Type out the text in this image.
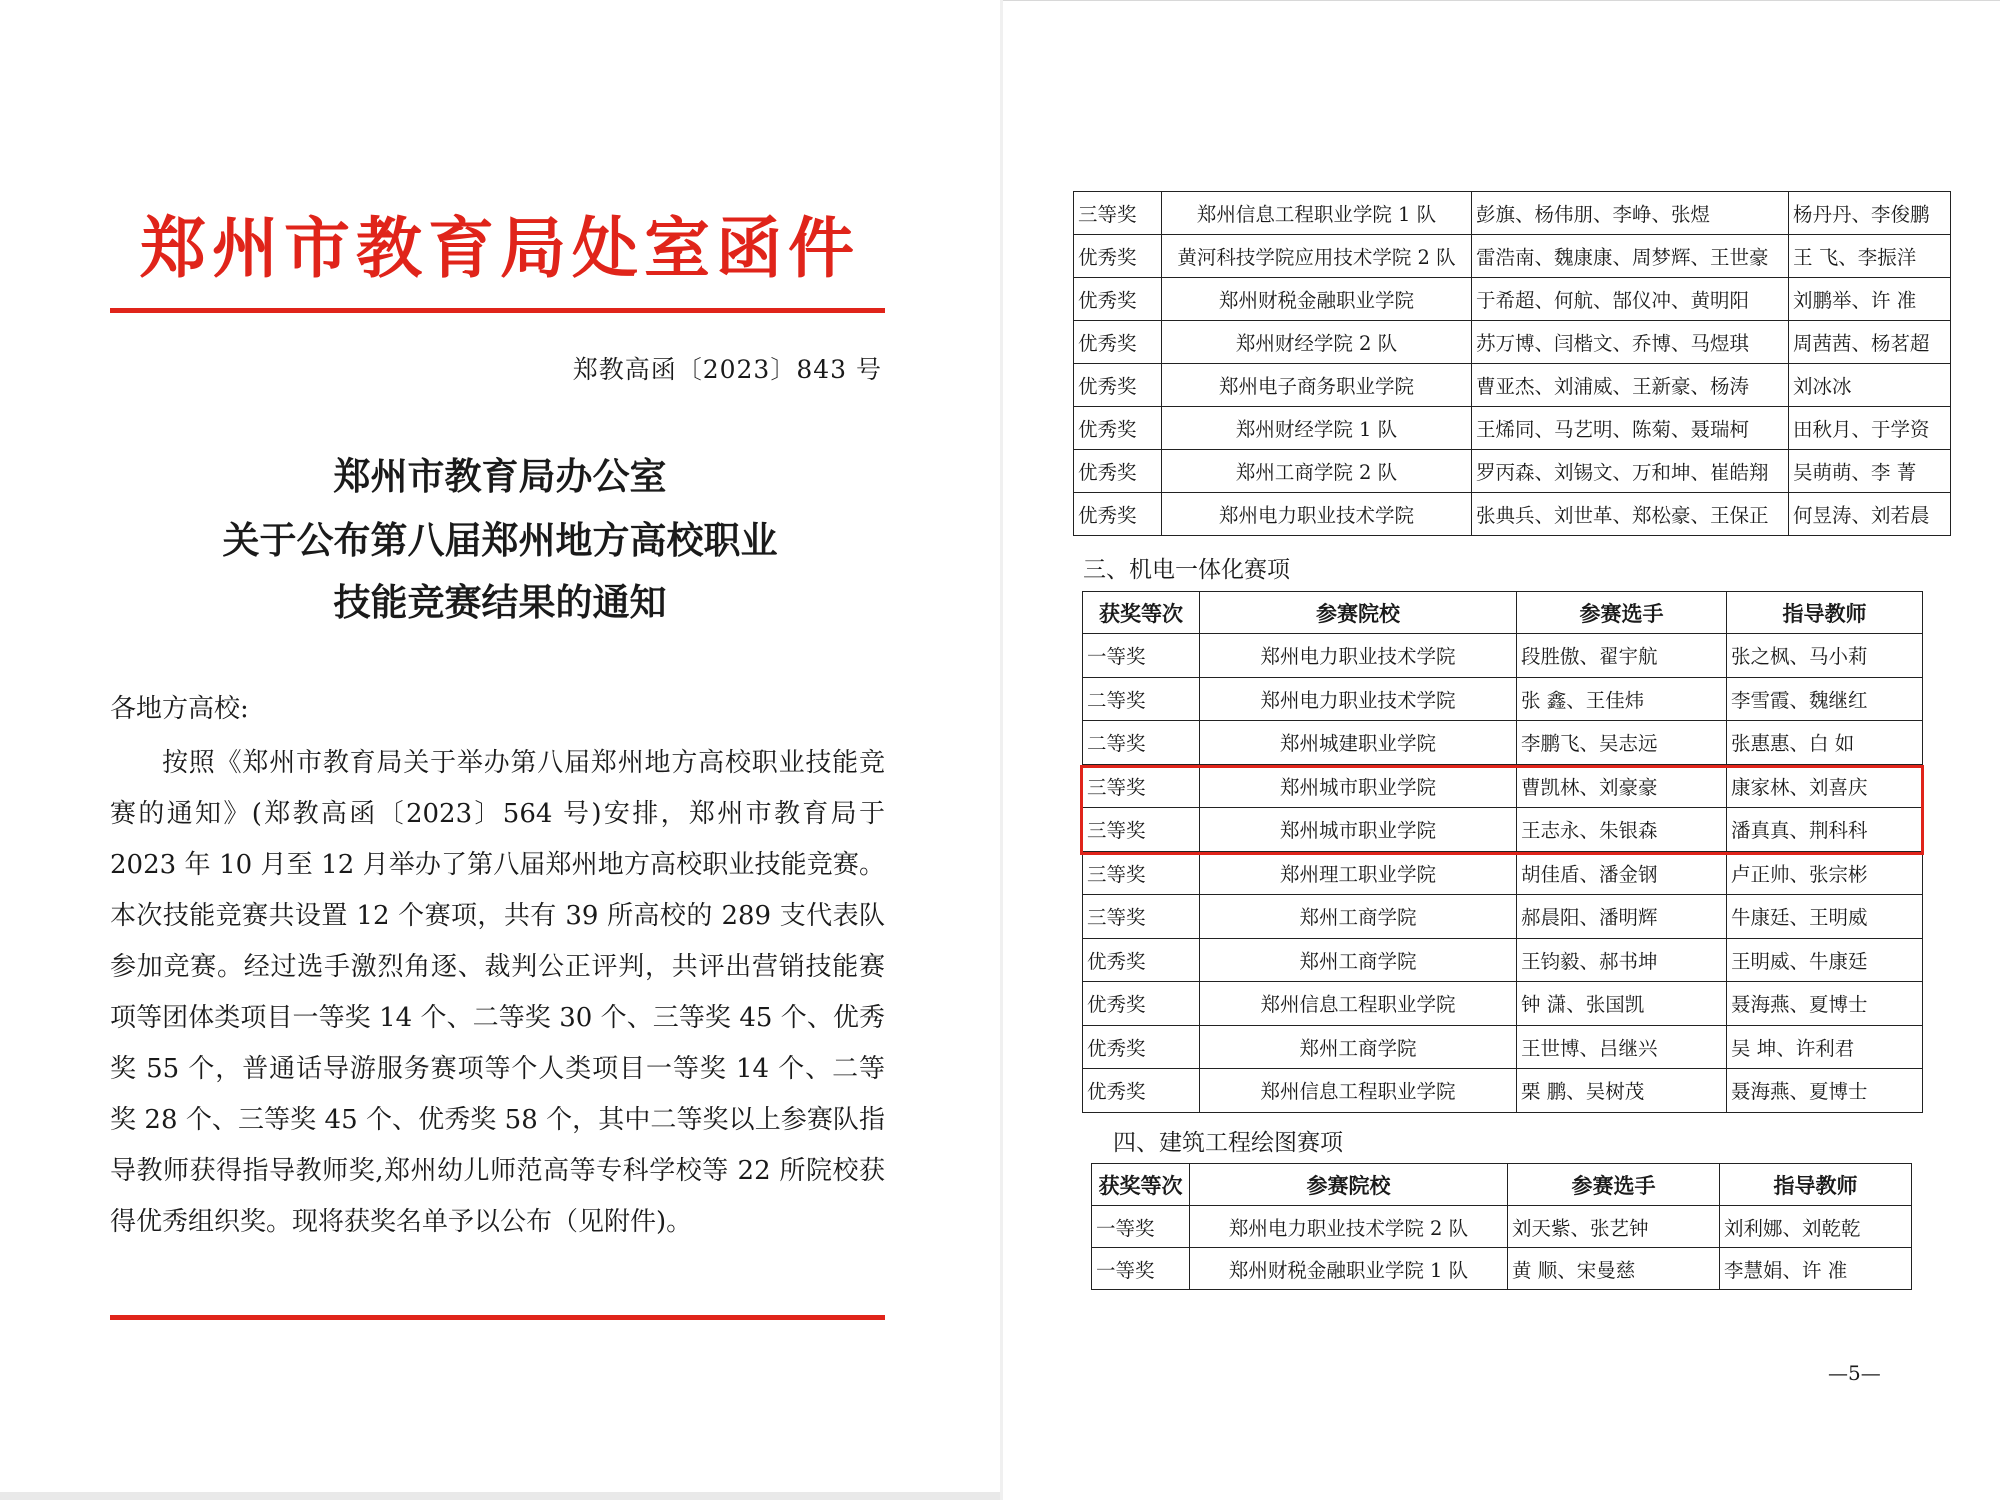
郑州市教育局处室函件
郑教高函〔2023〕843 号
郑州市教育局办公室
关于公布第八届郑州地方高校职业
技能竞赛结果的通知
各地方高校:
按照《郑州市教育局关于举办第八届郑州地方高校职业技能竞赛的通知》(郑教高函〔2023〕564 号)安排，郑州市教育局于 2023 年 10 月至 12 月举办了第八届郑州地方高校职业技能竞赛。本次技能竞赛共设置 12 个赛项，共有 39 所高校的 289 支代表队参加竞赛。经过选手激烈角逐、裁判公正评判，共评出营销技能赛项等团体类项目一等奖 14 个、二等奖 30 个、三等奖 45 个、优秀奖 55 个，普通话导游服务赛项等个人类项目一等奖 14 个、二等奖 28 个、三等奖 45 个、优秀奖 58 个，其中二等奖以上参赛队指导教师获得指导教师奖,郑州幼儿师范高等专科学校等 22 所院校获得优秀组织奖。现将获奖名单予以公布（见附件)。
三等奖	郑州信息工程职业学院 1 队	彭旗、杨伟朋、李峥、张煜	杨丹丹、李俊鹏
优秀奖	黄河科技学院应用技术学院 2 队	雷浩南、魏康康、周梦辉、王世豪	王 飞、李振洋
优秀奖	郑州财税金融职业学院	于希超、何航、郜仪冲、黄明阳	刘鹏举、许 准
优秀奖	郑州财经学院 2 队	苏万博、闫楷文、乔博、马煜琪	周茜茜、杨茗超
优秀奖	郑州电子商务职业学院	曹亚杰、刘浦威、王新豪、杨涛	刘冰冰
优秀奖	郑州财经学院 1 队	王烯同、马艺明、陈菊、聂瑞柯	田秋月、于学资
优秀奖	郑州工商学院 2 队	罗丙森、刘锡文、万和坤、崔皓翔	吴萌萌、李 菁
优秀奖	郑州电力职业技术学院	张典兵、刘世革、郑松豪、王保正	何昱涛、刘若晨
三、机电一体化赛项
获奖等次	参赛院校	参赛选手	指导教师
一等奖	郑州电力职业技术学院	段胜傲、翟宇航	张之枫、马小莉
二等奖	郑州电力职业技术学院	张 鑫、王佳炜	李雪霞、魏继红
二等奖	郑州城建职业学院	李鹏飞、吴志远	张惠惠、白 如
三等奖	郑州城市职业学院	曹凯林、刘豪豪	康家林、刘喜庆
三等奖	郑州城市职业学院	王志永、朱银森	潘真真、荆科科
三等奖	郑州理工职业学院	胡佳盾、潘金钢	卢正帅、张宗彬
三等奖	郑州工商学院	郝晨阳、潘明辉	牛康廷、王明威
优秀奖	郑州工商学院	王钧毅、郝书坤	王明威、牛康廷
优秀奖	郑州信息工程职业学院	钟 潇、张国凯	聂海燕、夏博士
优秀奖	郑州工商学院	王世博、吕继兴	吴 坤、许利君
优秀奖	郑州信息工程职业学院	栗 鹏、吴树茂	聂海燕、夏博士
四、建筑工程绘图赛项
获奖等次	参赛院校	参赛选手	指导教师
一等奖	郑州电力职业技术学院 2 队	刘天紫、张艺钟	刘利娜、刘乾乾
一等奖	郑州财税金融职业学院 1 队	黄 顺、宋曼慈	李慧娟、许 准
—5—
